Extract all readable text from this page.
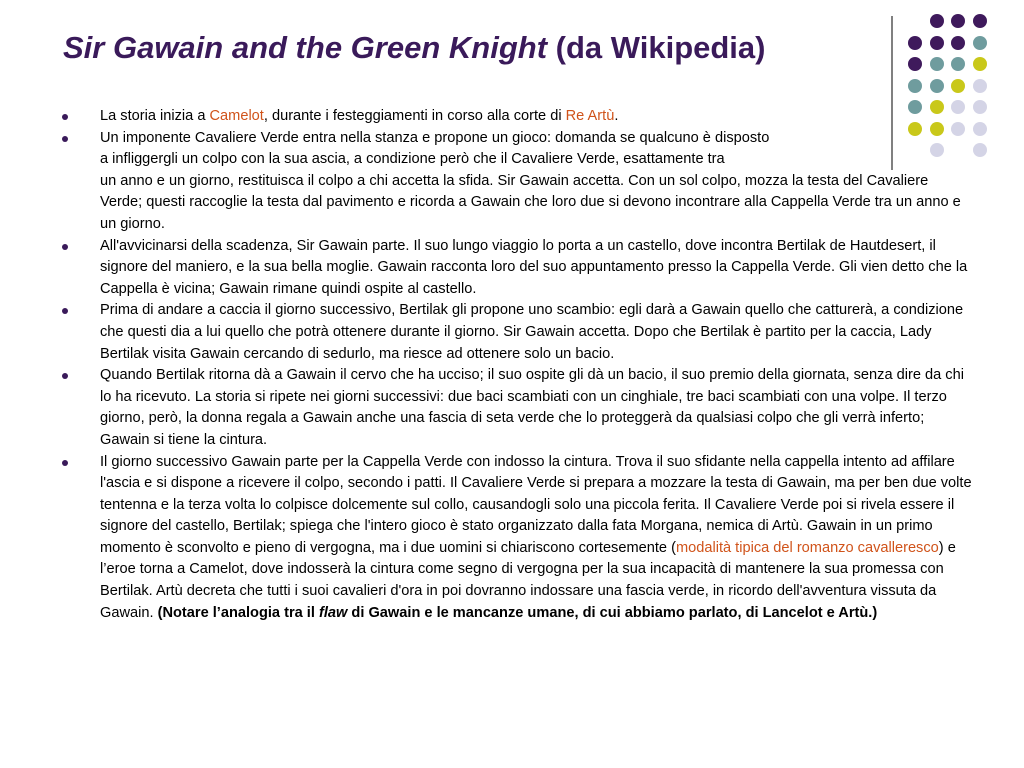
Sir Gawain and the Green Knight (da Wikipedia)
La storia inizia a Camelot, durante i festeggiamenti in corso alla corte di Re Artù.
Un imponente Cavaliere Verde entra nella stanza e propone un gioco: domanda se qualcuno è disposto
a infliggergli un colpo con la sua ascia, a condizione però che il Cavaliere Verde, esattamente tra
un anno e un giorno, restituisca il colpo a chi accetta la sfida. Sir Gawain accetta. Con un sol colpo, mozza la testa del Cavaliere Verde; questi raccoglie la testa dal pavimento e ricorda a Gawain che loro due si devono incontrare alla Cappella Verde tra un anno e un giorno.
All'avvicinarsi della scadenza, Sir Gawain parte. Il suo lungo viaggio lo porta a un castello, dove incontra Bertilak de Hautdesert, il signore del maniero, e la sua bella moglie. Gawain racconta loro del suo appuntamento presso la Cappella Verde. Gli vien detto che la Cappella è vicina; Gawain rimane quindi ospite al castello.
Prima di andare a caccia il giorno successivo, Bertilak gli propone uno scambio: egli darà a Gawain quello che catturerà, a condizione che questi dia a lui quello che potrà ottenere durante il giorno. Sir Gawain accetta. Dopo che Bertilak è partito per la caccia, Lady Bertilak visita Gawain cercando di sedurlo, ma riesce ad ottenere solo un bacio.
Quando Bertilak ritorna dà a Gawain il cervo che ha ucciso; il suo ospite gli dà un bacio, il suo premio della giornata, senza dire da chi lo ha ricevuto. La storia si ripete nei giorni successivi: due baci scambiati con un cinghiale, tre baci scambiati con una volpe. Il terzo giorno, però, la donna regala a Gawain anche una fascia di seta verde che lo proteggerà da qualsiasi colpo che gli verrà inferto; Gawain si tiene la cintura.
Il giorno successivo Gawain parte per la Cappella Verde con indosso la cintura. Trova il suo sfidante nella cappella intento ad affilare l'ascia e si dispone a ricevere il colpo, secondo i patti. Il Cavaliere Verde si prepara a mozzare la testa di Gawain, ma per ben due volte tentenna e la terza volta lo colpisce dolcemente sul collo, causandogli solo una piccola ferita. Il Cavaliere Verde poi si rivela essere il signore del castello, Bertilak; spiega che l'intero gioco è stato organizzato dalla fata Morgana, nemica di Artù. Gawain in un primo momento è sconvolto e pieno di vergogna, ma i due uomini si chiariscono cortesemente (modalità tipica del romanzo cavalleresco) e l’eroe torna a Camelot, dove indosserà la cintura come segno di vergogna per la sua incapacità di mantenere la sua promessa con Bertilak. Artù decreta che tutti i suoi cavalieri d'ora in poi dovranno indossare una fascia verde, in ricordo dell'avventura vissuta da Gawain. (Notare l’analogia tra il flaw di Gawain e le mancanze umane, di cui abbiamo parlato, di Lancelot e Artù.)
